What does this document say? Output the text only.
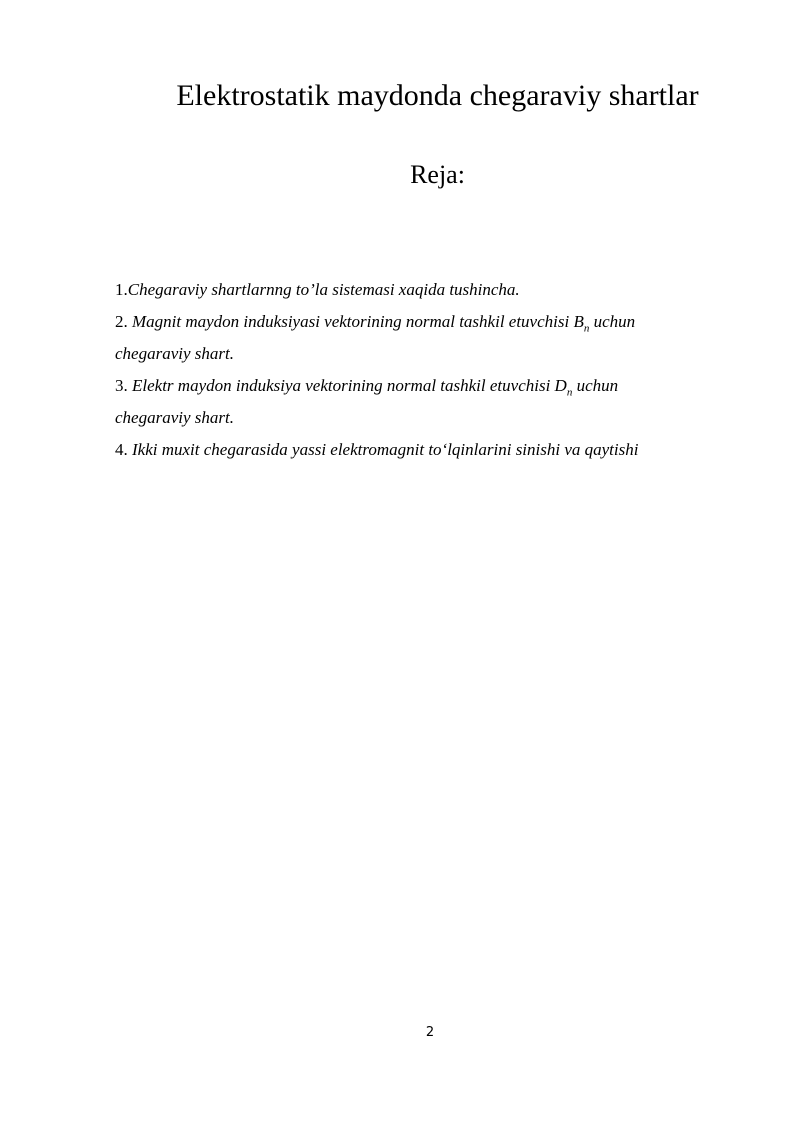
Elektrostatik maydonda chegaraviy shartlar
Reja:
1.Chegaraviy shartlarnng to’la sistemasi xaqida tushincha.
2. Magnit maydon induksiyasi vektorining normal tashkil etuvchisi $B_n$ uchun
chegaraviy shart.
3. Elektr maydon induksiya vektorining normal tashkil etuvchisi $D_n$ uchun
chegaraviy shart.
4. Ikki muxit chegarasida yassi elektromagnit to‘lqinlarini sinishi va qaytishi
2
